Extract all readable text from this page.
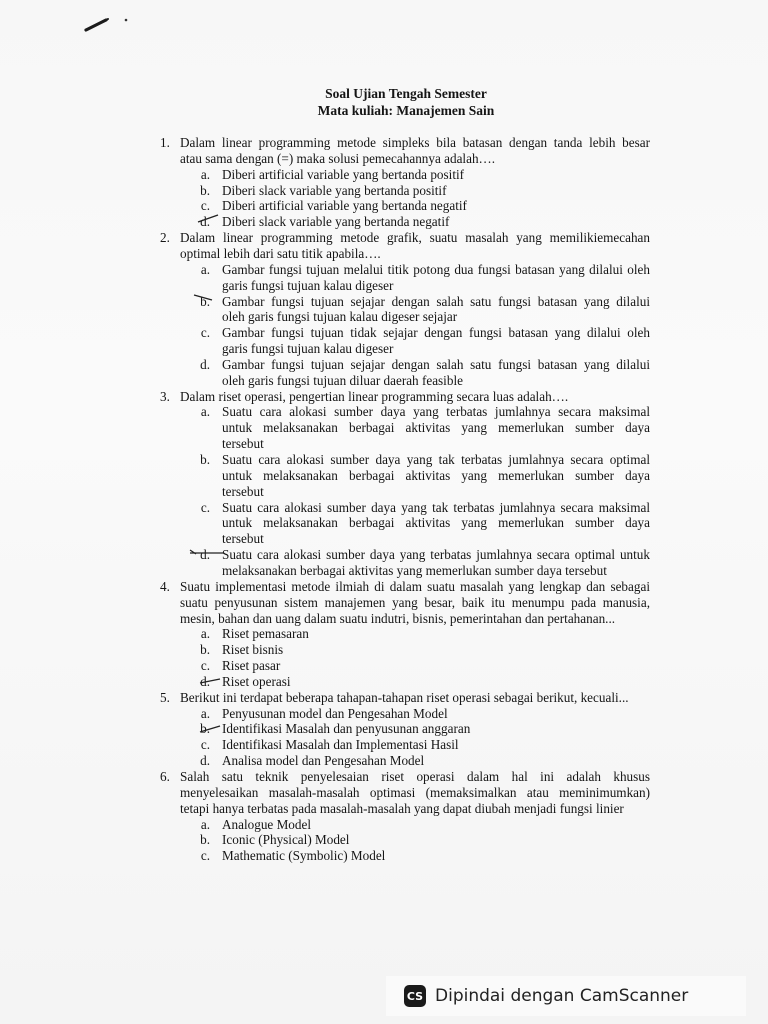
Soal Ujian Tengah Semester
Mata kuliah: Manajemen Sain
1. Dalam linear programming metode simpleks bila batasan dengan tanda lebih besar
atau sama dengan (=) maka solusi pemecahannya adalah….
a. Diberi artificial variable yang bertanda positif
b. Diberi slack variable yang bertanda positif
c. Diberi artificial variable yang bertanda negatif
d. Diberi slack variable yang bertanda negatif
2. Dalam linear programming metode grafik, suatu masalah yang memilikiemecahan
optimal lebih dari satu titik apabila….
a. Gambar fungsi tujuan melalui titik potong dua fungsi batasan yang dilalui oleh
garis fungsi tujuan kalau digeser
b. Gambar fungsi tujuan sejajar dengan salah satu fungsi batasan yang dilalui
oleh garis fungsi tujuan kalau digeser sejajar
c. Gambar fungsi tujuan tidak sejajar dengan fungsi batasan yang dilalui oleh
garis fungsi tujuan kalau digeser
d. Gambar fungsi tujuan sejajar dengan salah satu fungsi batasan yang dilalui
oleh garis fungsi tujuan diluar daerah feasible
3. Dalam riset operasi, pengertian linear programming secara luas adalah….
a. Suatu cara alokasi sumber daya yang terbatas jumlahnya secara maksimal
untuk melaksanakan berbagai aktivitas yang memerlukan sumber daya
tersebut
b. Suatu cara alokasi sumber daya yang tak terbatas jumlahnya secara optimal
untuk melaksanakan berbagai aktivitas yang memerlukan sumber daya
tersebut
c. Suatu cara alokasi sumber daya yang tak terbatas jumlahnya secara maksimal
untuk melaksanakan berbagai aktivitas yang memerlukan sumber daya
tersebut
d. Suatu cara alokasi sumber daya yang terbatas jumlahnya secara optimal untuk
melaksanakan berbagai aktivitas yang memerlukan sumber daya tersebut
4. Suatu implementasi metode ilmiah di dalam suatu masalah yang lengkap dan sebagai
suatu penyusunan sistem manajemen yang besar, baik itu menumpu pada manusia,
mesin, bahan dan uang dalam suatu indutri, bisnis, pemerintahan dan pertahanan...
a. Riset pemasaran
b. Riset bisnis
c. Riset pasar
d. Riset operasi
5. Berikut ini terdapat beberapa tahapan-tahapan riset operasi sebagai berikut, kecuali...
a. Penyusunan model dan Pengesahan Model
b. Identifikasi Masalah dan penyusunan anggaran
c. Identifikasi Masalah dan Implementasi Hasil
d. Analisa model dan Pengesahan Model
6. Salah satu teknik penyelesaian riset operasi dalam hal ini adalah khusus
menyelesaikan masalah-masalah optimasi (memaksimalkan atau meminimumkan)
tetapi hanya terbatas pada masalah-masalah yang dapat diubah menjadi fungsi linier
a. Analogue Model
b. Iconic (Physical) Model
c. Mathematic (Symbolic) Model
CS Dipindai dengan CamScanner
